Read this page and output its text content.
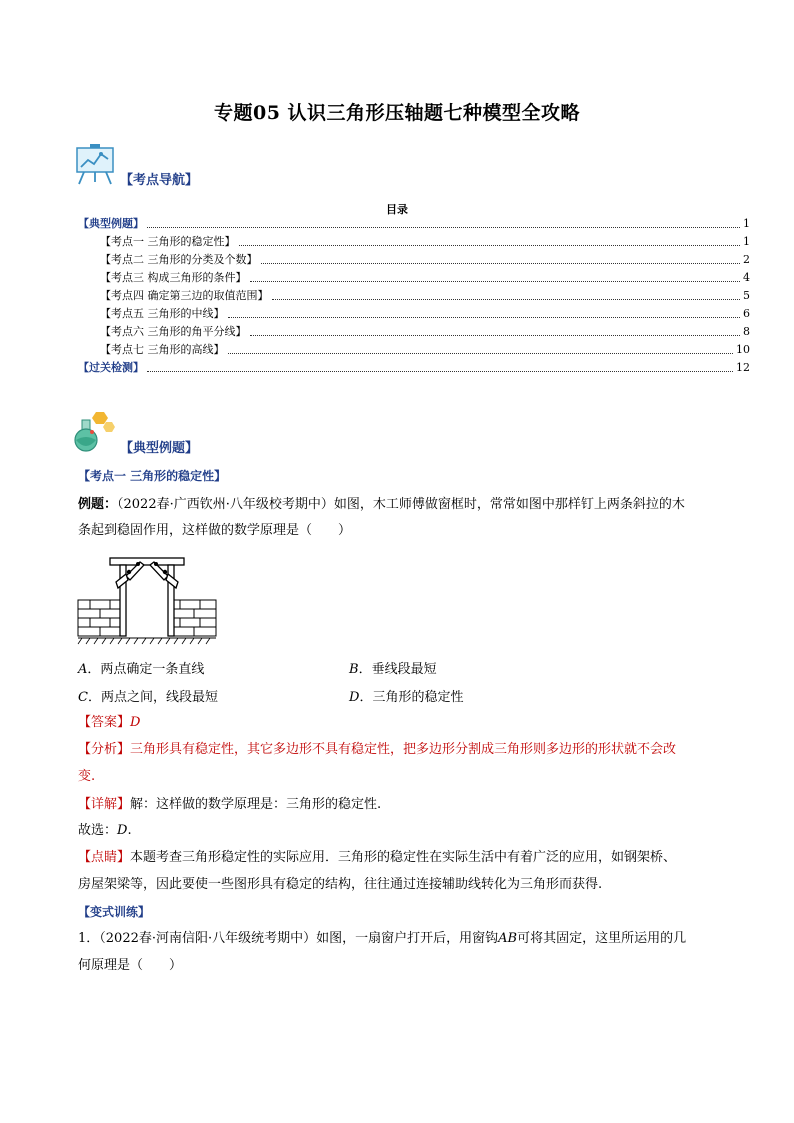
专题05 认识三角形压轴题七种模型全攻略
【考点导航】
目录
【典型例题】	1
【考点一 三角形的稳定性】	1
【考点二 三角形的分类及个数】	2
【考点三 构成三角形的条件】	4
【考点四 确定第三边的取值范围】	5
【考点五 三角形的中线】	6
【考点六 三角形的角平分线】	8
【考点七 三角形的高线】	10
【过关检测】	12
【典型例题】
【考点一 三角形的稳定性】
例题：（2022春·广西钦州·八年级校考期中）如图，木工师傅做窗框时，常常如图中那样钉上两条斜拉的木
条起到稳固作用，这样做的数学原理是（　　）
A．两点确定一条直线	B．垂线段最短
C．两点之间，线段最短	D．三角形的稳定性
【答案】D
【分析】三角形具有稳定性，其它多边形不具有稳定性，把多边形分割成三角形则多边形的形状就不会改
变.
【详解】解：这样做的数学原理是：三角形的稳定性.
故选：D.
【点睛】本题考查三角形稳定性的实际应用．三角形的稳定性在实际生活中有着广泛的应用，如钢架桥、
房屋架梁等，因此要使一些图形具有稳定的结构，往往通过连接辅助线转化为三角形而获得.
【变式训练】
1．（2022春·河南信阳·八年级统考期中）如图，一扇窗户打开后，用窗钩AB可将其固定，这里所运用的几
何原理是（　　）
